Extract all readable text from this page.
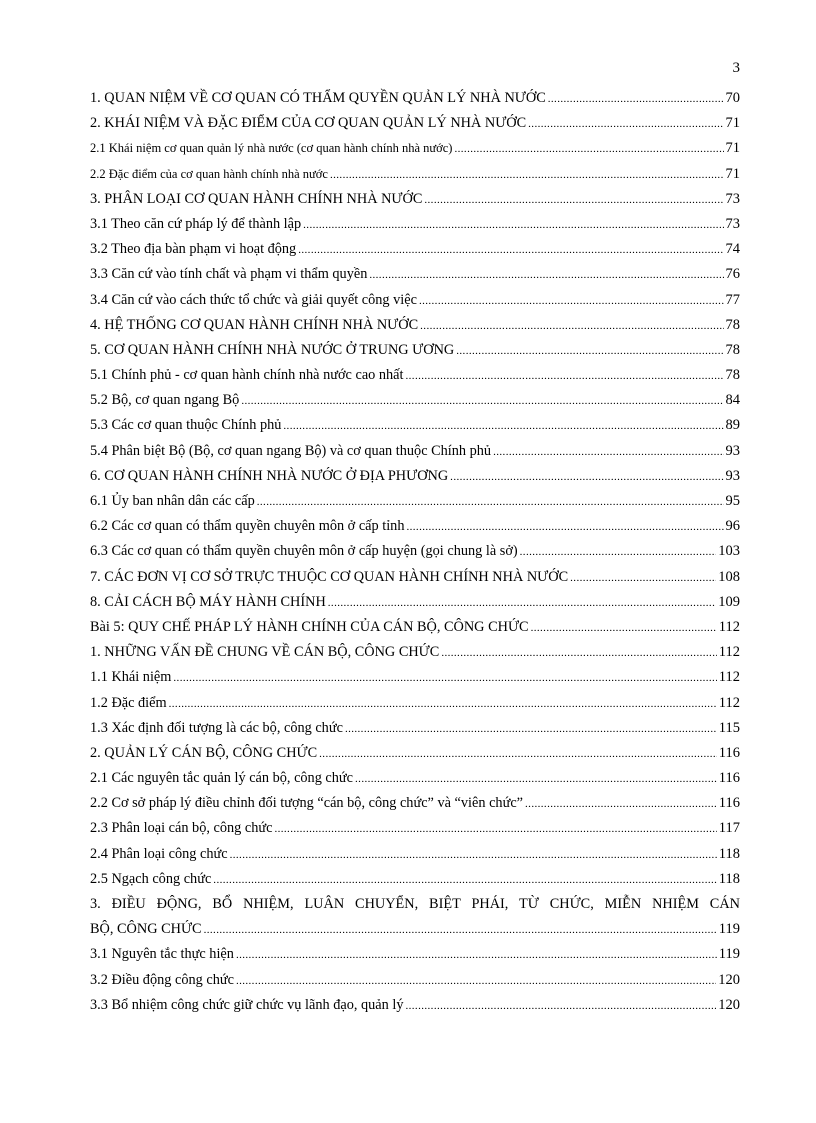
3
1. QUAN NIỆM VỀ CƠ QUAN CÓ THẨM QUYỀN QUẢN LÝ NHÀ NƯỚC .....	70
2. KHÁI NIỆM VÀ ĐẶC ĐIỂM CỦA CƠ QUAN QUẢN LÝ NHÀ NƯỚC .....	71
2.1 Khái niệm cơ quan quản lý nhà nước (cơ quan hành chính nhà nước) .....	71
2.2 Đặc điểm của cơ quan hành chính nhà nước .....	71
3. PHÂN LOẠI CƠ QUAN HÀNH CHÍNH NHÀ NƯỚC .....	73
3.1 Theo căn cứ pháp lý để thành lập .....	73
3.2 Theo địa bàn phạm vi hoạt động .....	74
3.3 Căn cứ vào tính chất và phạm vi thẩm quyền .....	76
3.4 Căn cứ vào cách thức tổ chức và giải quyết công việc .....	77
4. HỆ THỐNG CƠ QUAN HÀNH CHÍNH NHÀ NƯỚC .....	78
5. CƠ QUAN HÀNH CHÍNH NHÀ NƯỚC Ở TRUNG ƯƠNG .....	78
5.1 Chính phủ - cơ quan hành chính nhà nước cao nhất .....	78
5.2 Bộ, cơ quan ngang Bộ .....	84
5.3 Các cơ quan thuộc Chính phủ .....	89
5.4 Phân biệt Bộ (Bộ, cơ quan ngang Bộ) và cơ quan thuộc Chính phủ .....	93
6. CƠ QUAN HÀNH CHÍNH NHÀ NƯỚC Ở ĐỊA PHƯƠNG .....	93
6.1 Ủy ban nhân dân các cấp .....	95
6.2 Các cơ quan có thẩm quyền chuyên môn ở cấp tỉnh .....	96
6.3 Các cơ quan có thẩm quyền chuyên môn ở cấp huyện (gọi chung là sở) .....	103
7. CÁC ĐƠN VỊ CƠ SỞ TRỰC THUỘC CƠ QUAN HÀNH CHÍNH NHÀ NƯỚC .....	108
8. CẢI CÁCH BỘ MÁY HÀNH CHÍNH .....	109
Bài 5: QUY CHẾ PHÁP LÝ HÀNH CHÍNH CỦA CÁN BỘ, CÔNG CHỨC .....	112
1. NHỮNG VẤN ĐỀ CHUNG VỀ CÁN BỘ, CÔNG CHỨC .....	112
1.1 Khái niệm .....	112
1.2 Đặc điểm .....	112
1.3 Xác định đối tượng là các bộ, công chức .....	115
2. QUẢN LÝ CÁN BỘ, CÔNG CHỨC .....	116
2.1 Các nguyên tắc quản lý cán bộ, công chức .....	116
2.2 Cơ sở pháp lý điều chỉnh đối tượng “cán bộ, công chức” và “viên chức” .....	116
2.3 Phân loại cán bộ, công chức .....	117
2.4 Phân loại công chức .....	118
2.5 Ngạch công chức .....	118
3. ĐIỀU ĐỘNG, BỔ NHIỆM, LUÂN CHUYỂN, BIỆT PHÁI, TỪ CHỨC, MIỄN NHIỆM CÁN
BỘ, CÔNG CHỨC .....	119
3.1 Nguyên tắc thực hiện .....	119
3.2 Điều động công chức .....	120
3.3 Bổ nhiệm công chức giữ chức vụ lãnh đạo, quản lý .....	120
